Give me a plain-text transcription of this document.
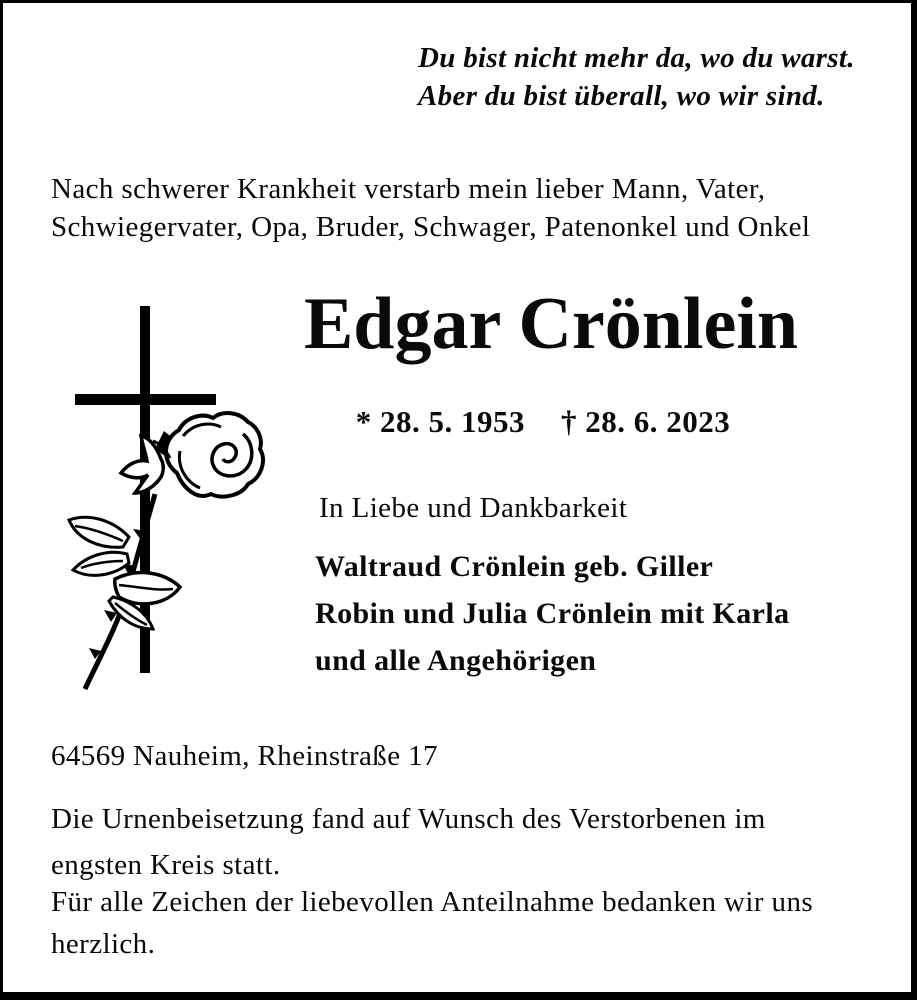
Du bist nicht mehr da, wo du warst.
Aber du bist überall, wo wir sind.
Nach schwerer Krankheit verstarb mein lieber Mann, Vater,
Schwiegervater, Opa, Bruder, Schwager, Patenonkel und Onkel
Edgar Crönlein
* 28. 5. 1953 † 28. 6. 2023
In Liebe und Dankbarkeit
Waltraud Crönlein geb. Giller
Robin und Julia Crönlein mit Karla
und alle Angehörigen
64569 Nauheim, Rheinstraße 17
Die Urnenbeisetzung fand auf Wunsch des Verstorbenen im
engsten Kreis statt.
Für alle Zeichen der liebevollen Anteilnahme bedanken wir uns
herzlich.
